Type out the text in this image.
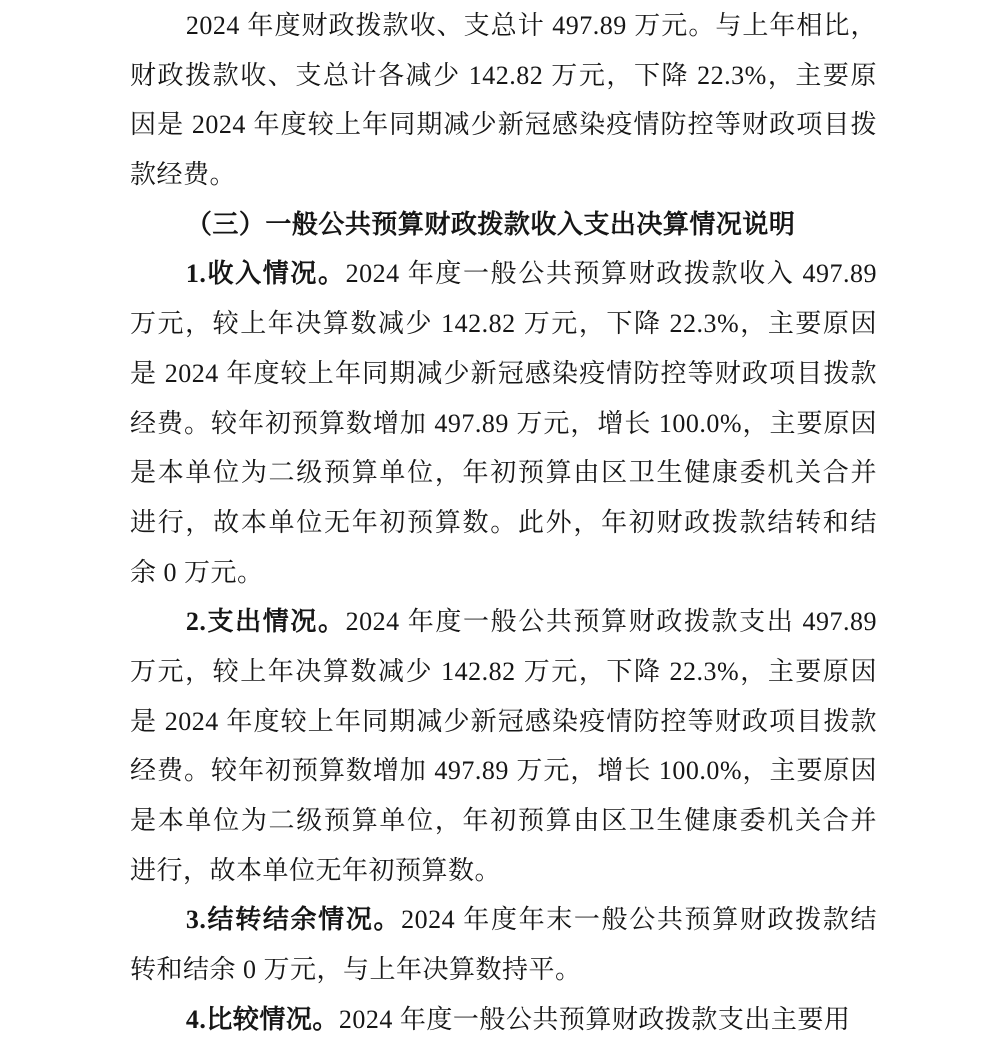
2024 年度财政拨款收、支总计 497.89 万元。与上年相比，
财政拨款收、支总计各减少 142.82 万元，下降 22.3%，主要原
因是 2024 年度较上年同期减少新冠感染疫情防控等财政项目拨
款经费。
（三）一般公共预算财政拨款收入支出决算情况说明
1.收入情况。2024 年度一般公共预算财政拨款收入 497.89
万元，较上年决算数减少 142.82 万元，下降 22.3%，主要原因
是 2024 年度较上年同期减少新冠感染疫情防控等财政项目拨款
经费。较年初预算数增加 497.89 万元，增长 100.0%，主要原因
是本单位为二级预算单位，年初预算由区卫生健康委机关合并
进行，故本单位无年初预算数。此外，年初财政拨款结转和结
余 0 万元。
2.支出情况。2024 年度一般公共预算财政拨款支出 497.89
万元，较上年决算数减少 142.82 万元，下降 22.3%，主要原因
是 2024 年度较上年同期减少新冠感染疫情防控等财政项目拨款
经费。较年初预算数增加 497.89 万元，增长 100.0%，主要原因
是本单位为二级预算单位，年初预算由区卫生健康委机关合并
进行，故本单位无年初预算数。
3.结转结余情况。2024 年度年末一般公共预算财政拨款结
转和结余 0 万元，与上年决算数持平。
4.比较情况。2024 年度一般公共预算财政拨款支出主要用
